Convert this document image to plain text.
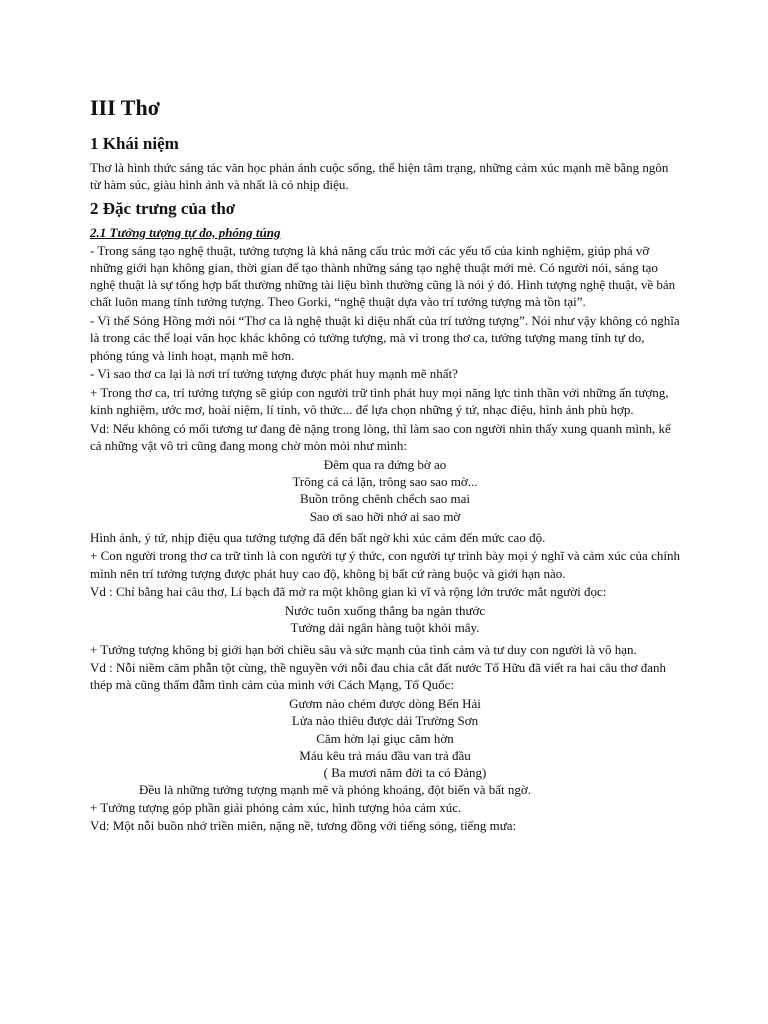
III Thơ
1 Khái niệm

Thơ là hình thức sáng tác văn học phản ánh cuộc sống, thể hiện tâm trạng, những cảm xúc mạnh mẽ bằng ngôn từ hàm súc, giàu hình ảnh và nhất là có nhịp điệu.

2 Đặc trưng của thơ
2.1 Tưởng tượng tự do, phóng túng

- Trong sáng tạo nghệ thuật, tưởng tượng là khả năng cấu trúc mới các yếu tố của kinh nghiệm, giúp phá vỡ những giới hạn không gian, thời gian để tạo thành những sáng tạo nghệ thuật mới mẻ. Có người nói, sáng tạo nghệ thuật là sự tổng hợp bất thường những tài liệu bình thường cũng là nói ý đó. Hình tượng nghệ thuật, về bản chất luôn mang tính tưởng tượng. Theo Gorki, “nghệ thuật dựa vào trí tưởng tượng mà tồn tại”.

- Vì thế Sóng Hồng mới nói “Thơ ca là nghệ thuật kì diệu nhất của trí tưởng tượng”. Nói như vậy không có nghĩa là trong các thể loại văn học khác không có tưởng tượng, mà vì trong thơ ca, tưởng tượng mang tính tự do, phóng túng và linh hoạt, mạnh mẽ hơn.

- Vì sao thơ ca lại là nơi trí tưởng tượng được phát huy mạnh mẽ nhất?

+ Trong thơ ca, trí tưởng tượng sẽ giúp con người trữ tình phát huy mọi năng lực tinh thần với những ấn tượng, kinh nghiệm, ước mơ, hoài niệm, lí tính, vô thức... để lựa chọn những ý tứ, nhạc điệu, hình ảnh phù hợp.

Vd: Nếu không có mối tương tư đang đè nặng trong lòng, thì làm sao con người nhìn thấy xung quanh mình, kể cả những vật vô tri cũng đang mong chờ mòn mỏi như mình:

Đêm qua ra đứng bờ ao

Trông cá cá lặn, trông sao sao mờ...

Buồn trông chênh chếch sao mai

Sao ơi sao hỡi nhớ ai sao mờ

Hình ảnh, ý tứ, nhịp điệu qua tưởng tượng đã đến bất ngờ khi xúc cảm đến mức cao độ.

+ Con người trong thơ ca trữ tình là con người tự ý thức, con người tự trình bày mọi ý nghĩ và cảm xúc của chính mình nên trí tưởng tượng được phát huy cao độ, không bị bất cứ ràng buộc và giới hạn nào.

Vd : Chỉ bằng hai câu thơ, Lí bạch đã mở ra một không gian kì vĩ và rộng lớn trước mắt người đọc:

Nước tuôn xuống thẳng ba ngàn thước

Tưởng dải ngân hàng tuột khỏi mây.

+ Tưởng tượng không bị giới hạn bởi chiều sâu và sức mạnh của tình cảm và tư duy con người là vô hạn.

Vd : Nỗi niềm căm phẫn tột cùng, thề nguyền với nỗi đau chia cắt đất nước Tố Hữu đã viết ra hai câu thơ đanh thép mà cũng thấm đẫm tình cảm của mình với Cách Mạng, Tổ Quốc:

Gươm nào chém được dòng Bến Hải

Lửa nào thiêu được dải Trường Sơn

Căm hờn lại giục căm hờn

Máu kêu trả máu đầu van trả đầu

( Ba mươi năm đời ta có Đảng)

Đều là những tưởng tượng mạnh mẽ và phóng khoáng, đột biến và bất ngờ.

+ Tưởng tượng góp phần giải phóng cảm xúc, hình tượng hóa cảm xúc.

Vd: Một nỗi buồn nhớ triền miên, nặng nề, tương đồng với tiếng sóng, tiếng mưa:
